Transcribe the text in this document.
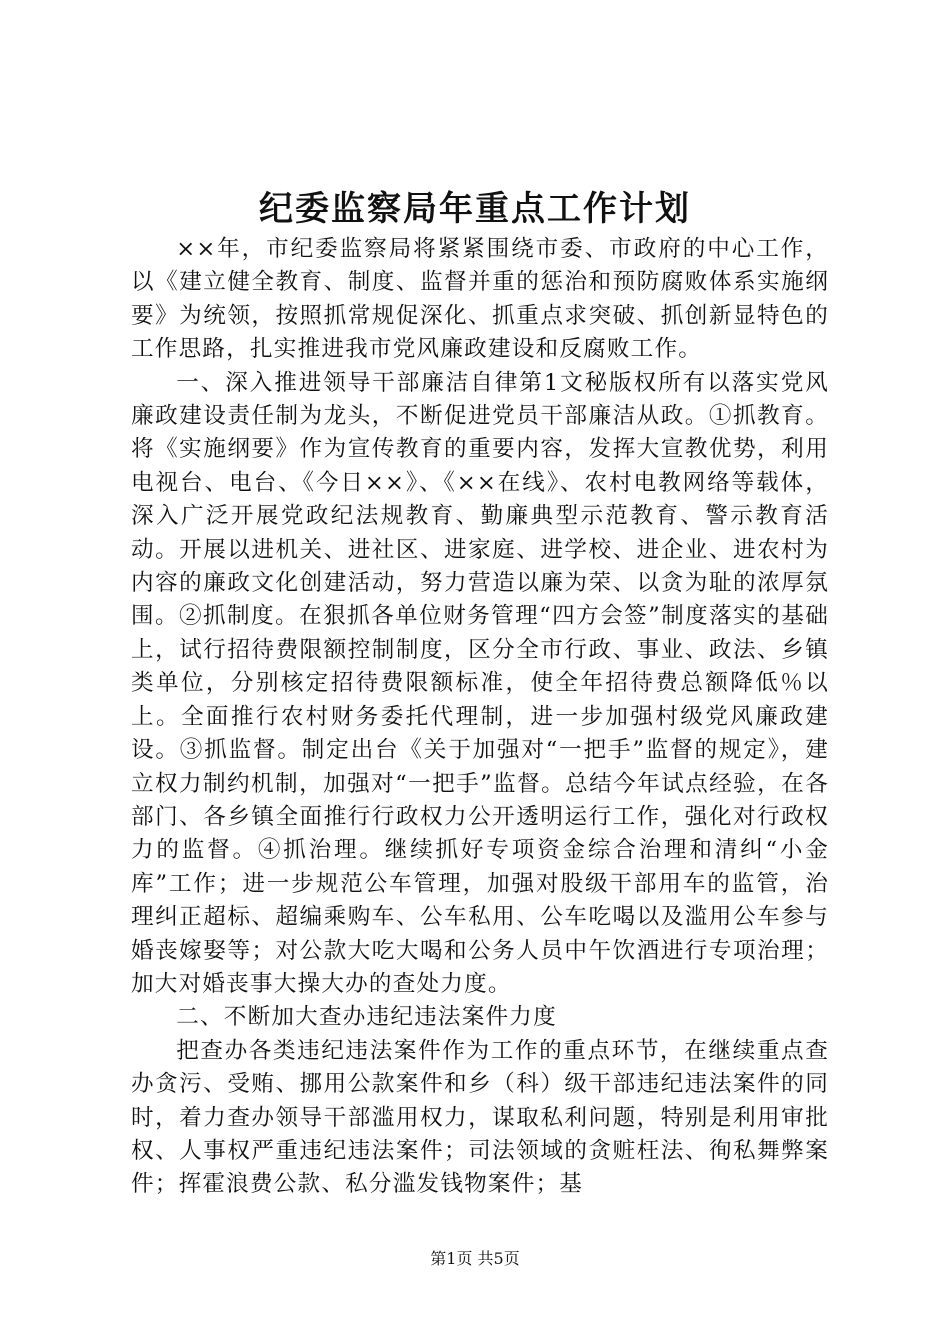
纪委监察局年重点工作计划

××年，市纪委监察局将紧紧围绕市委、市政府的中心工作，以《建立健全教育、制度、监督并重的惩治和预防腐败体系实施纲要》为统领，按照抓常规促深化、抓重点求突破、抓创新显特色的工作思路，扎实推进我市党风廉政建设和反腐败工作。

一、深入推进领导干部廉洁自律第1文秘版权所有以落实党风廉政建设责任制为龙头，不断促进党员干部廉洁从政。①抓教育。将《实施纲要》作为宣传教育的重要内容，发挥大宣教优势，利用电视台、电台、《今日××》、《××在线》、农村电教网络等载体，深入广泛开展党政纪法规教育、勤廉典型示范教育、警示教育活动。开展以进机关、进社区、进家庭、进学校、进企业、进农村为内容的廉政文化创建活动，努力营造以廉为荣、以贪为耻的浓厚氛围。②抓制度。在狠抓各单位财务管理“四方会签”制度落实的基础上，试行招待费限额控制制度，区分全市行政、事业、政法、乡镇类单位，分别核定招待费限额标准，使全年招待费总额降低％以上。全面推行农村财务委托代理制，进一步加强村级党风廉政建设。③抓监督。制定出台《关于加强对“一把手”监督的规定》，建立权力制约机制，加强对“一把手”监督。总结今年试点经验，在各部门、各乡镇全面推行行政权力公开透明运行工作，强化对行政权力的监督。④抓治理。继续抓好专项资金综合治理和清纠“小金库”工作；进一步规范公车管理，加强对股级干部用车的监管，治理纠正超标、超编乘购车、公车私用、公车吃喝以及滥用公车参与婚丧嫁娶等；对公款大吃大喝和公务人员中午饮酒进行专项治理；加大对婚丧事大操大办的查处力度。

二、不断加大查办违纪违法案件力度

把查办各类违纪违法案件作为工作的重点环节，在继续重点查办贪污、受贿、挪用公款案件和乡（科）级干部违纪违法案件的同时，着力查办领导干部滥用权力，谋取私利问题，特别是利用审批权、人事权严重违纪违法案件；司法领域的贪赃枉法、徇私舞弊案件；挥霍浪费公款、私分滥发钱物案件；基

第1页 共5页
